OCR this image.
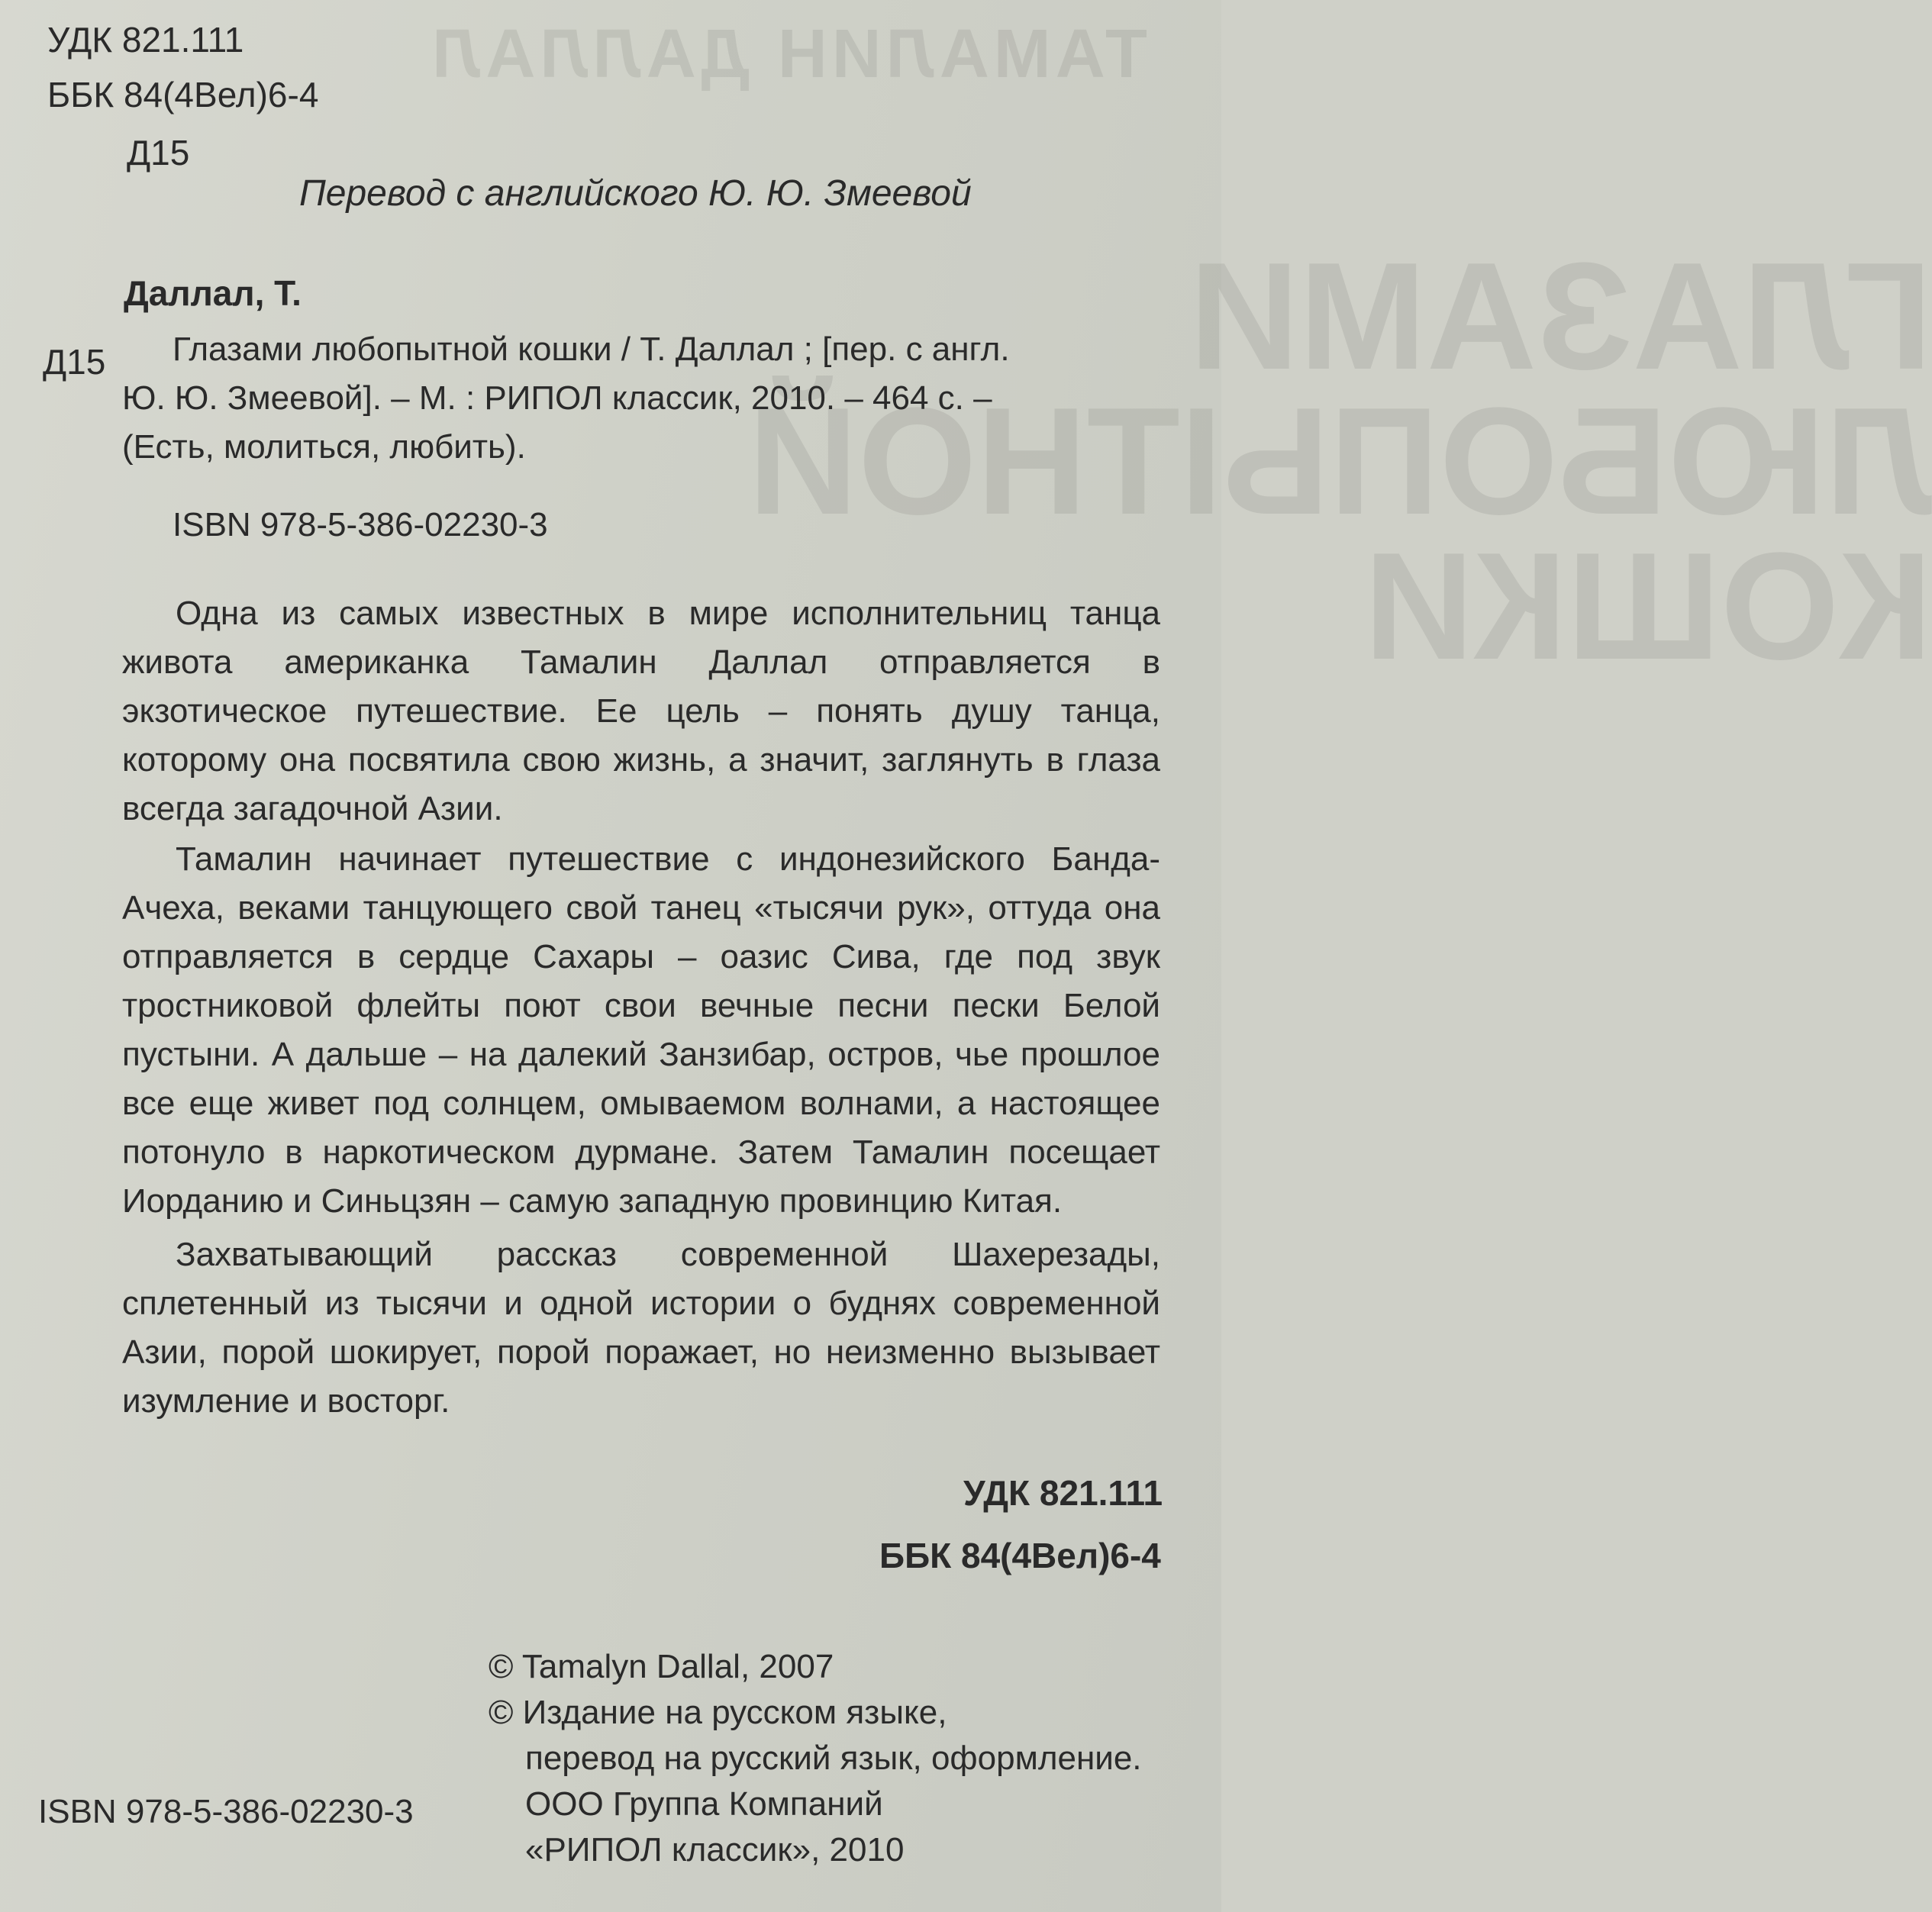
ТАМАЛИН ДАЛЛАЛ
ГЛАЗАМИ
ЛЮБОПЫТНОЙ
КОШКИ
УДК 821.111
ББК 84(4Вел)6-4
Д15
Перевод с английского Ю. Ю. Змеевой
Даллал, Т.
Д15 Глазами любопытной кошки / Т. Даллал ; [пер. с англ.
Ю. Ю. Змеевой]. – М. : РИПОЛ классик, 2010. – 464 с. –
(Есть, молиться, любить).
ISBN 978-5-386-02230-3
Одна из самых известных в мире исполнительниц танца живота американка Тамалин Даллал отправляется в экзотическое путешествие. Ее цель – понять душу танца, которому она посвятила свою жизнь, а значит, заглянуть в глаза всегда загадочной Азии.
Тамалин начинает путешествие с индонезийского Банда-Ачеха, веками танцующего свой танец «тысячи рук», оттуда она отправляется в сердце Сахары – оазис Сива, где под звук тростниковой флейты поют свои вечные песни пески Белой пустыни. А дальше – на далекий Занзибар, остров, чье прошлое все еще живет под солнцем, омываемом волнами, а настоящее потонуло в наркотическом дурмане. Затем Тамалин посещает Иорданию и Синьцзян – самую западную провинцию Китая.
Захватывающий рассказ современной Шахерезады, сплетенный из тысячи и одной истории о буднях современной Азии, порой шокирует, порой поражает, но неизменно вызывает изумление и восторг.
УДК 821.111
ББК 84(4Вел)6-4
© Tamalyn Dallal, 2007
© Издание на русском языке,
перевод на русский язык, оформление.
ООО Группа Компаний
«РИПОЛ классик», 2010
ISBN 978-5-386-02230-3
